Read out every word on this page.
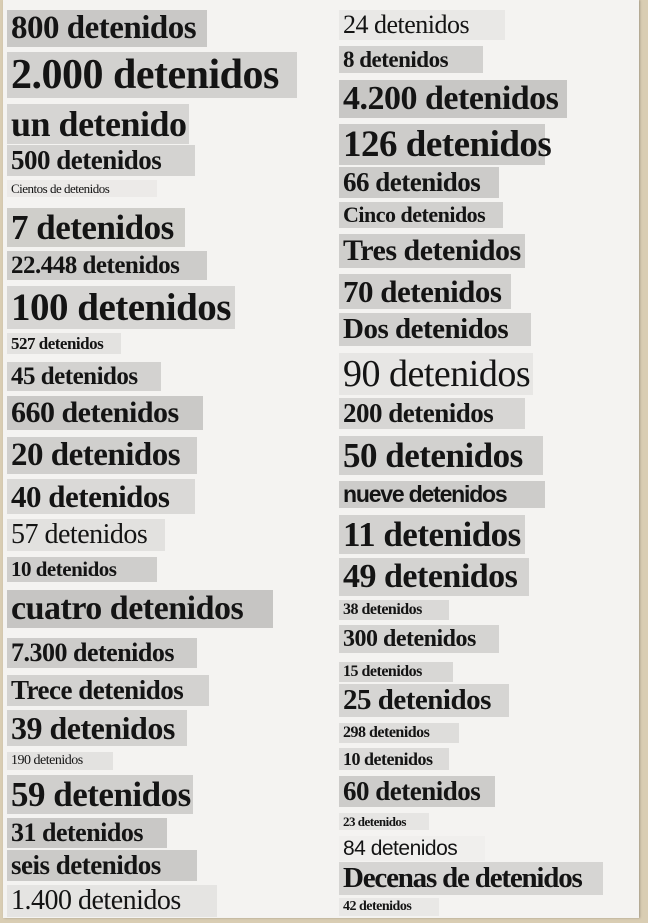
800 detenidos
2.000 detenidos
un detenido
500 detenidos
Cientos de detenidos
7 detenidos
22.448 detenidos
100 detenidos
527 detenidos
45 detenidos
660 detenidos
20 detenidos
40 detenidos
57 detenidos
10 detenidos
cuatro detenidos
7.300 detenidos
Trece detenidos
39 detenidos
190 detenidos
59 detenidos
31 detenidos
seis detenidos
1.400 detenidos
24 detenidos
8 detenidos
4.200 detenidos
126 detenidos
66 detenidos
Cinco detenidos
Tres detenidos
70 detenidos
Dos detenidos
90 detenidos
200 detenidos
50 detenidos
nueve detenidos
11 detenidos
49 detenidos
38 detenidos
300 detenidos
15 detenidos
25 detenidos
298 detenidos
10 detenidos
60 detenidos
23 detenidos
84 detenidos
Decenas de detenidos
42 detenidos
